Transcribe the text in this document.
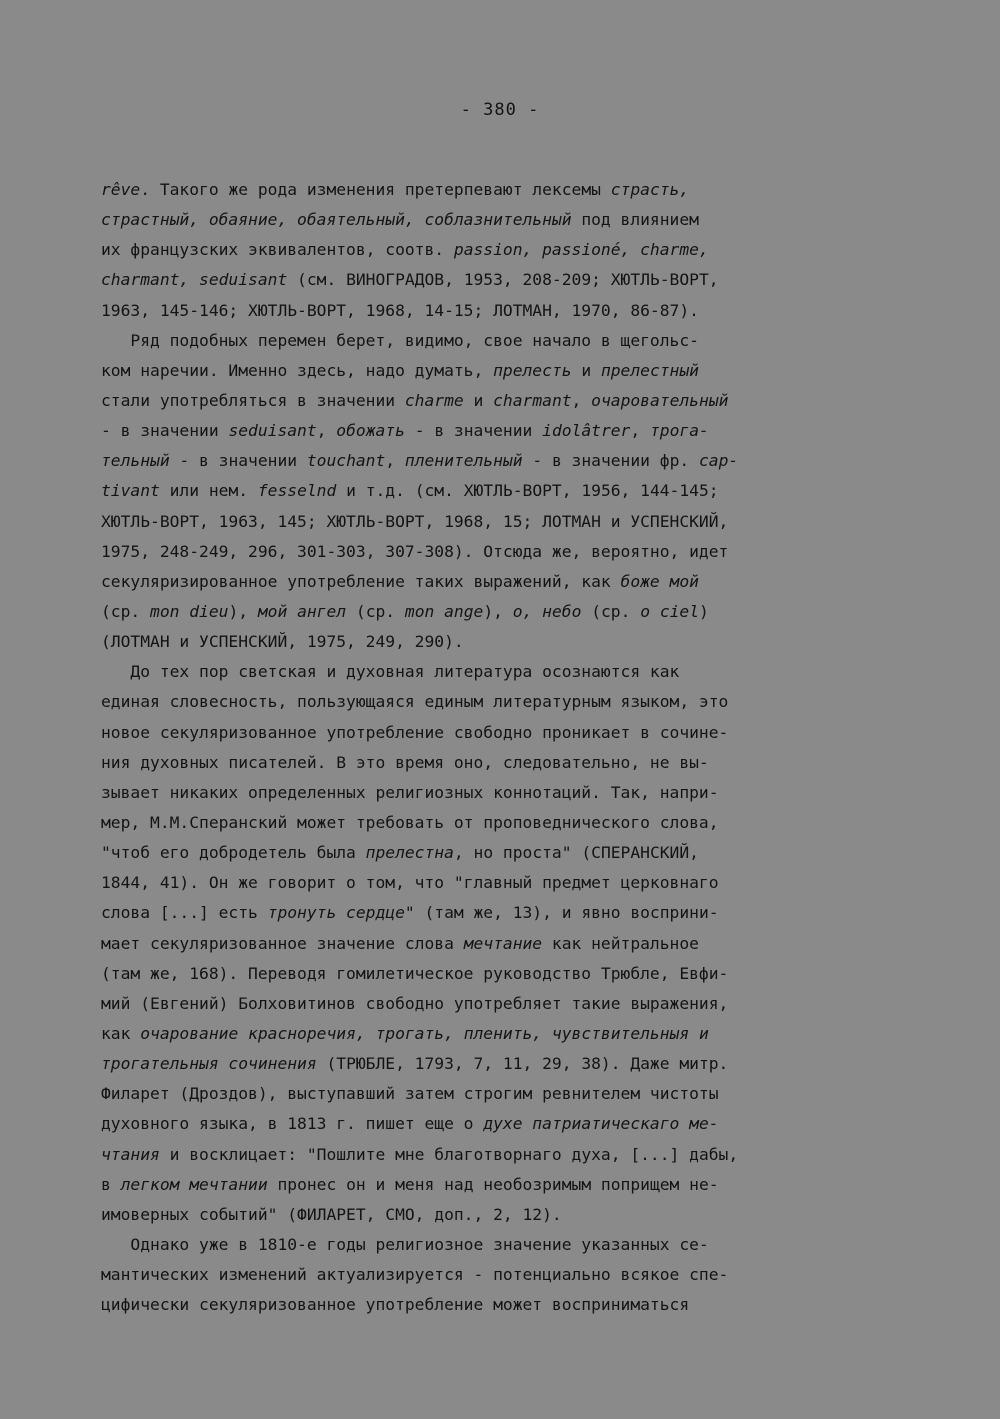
- 380 -
rêve. Такого же рода изменения претерпевают лексемы страсть,
страстный, обаяние, обаятельный, соблазнительный под влиянием
их французских эквивалентов, соотв. passion, passioné, charme,
charmant, seduisant (см. ВИНОГРАДОВ, 1953, 208-209; ХЮТЛЬ-ВОРТ,
1963, 145-146; ХЮТЛЬ-ВОРТ, 1968, 14-15; ЛОТМАН, 1970, 86-87).
Ряд подобных перемен берет, видимо, свое начало в щегольс-
ком наречии. Именно здесь, надо думать, прелесть и прелестный
стали употребляться в значении charme и charmant, очаровательный
- в значении seduisant, обожать - в значении idolâtrer, трога-
тельный - в значении touchant, пленительный - в значении фр. cap-
tivant или нем. fesselnd и т.д. (см. ХЮТЛЬ-ВОРТ, 1956, 144-145;
ХЮТЛЬ-ВОРТ, 1963, 145; ХЮТЛЬ-ВОРТ, 1968, 15; ЛОТМАН и УСПЕНСКИЙ,
1975, 248-249, 296, 301-303, 307-308). Отсюда же, вероятно, идет
секуляризированное употребление таких выражений, как боже мой
(ср. mon dieu), мой ангел (ср. mon ange), о, небо (ср. o ciel)
(ЛОТМАН и УСПЕНСКИЙ, 1975, 249, 290).
До тех пор светская и духовная литература осознаются как
единая словесность, пользующаяся единым литературным языком, это
новое секуляризованное употребление свободно проникает в сочине-
ния духовных писателей. В это время оно, следовательно, не вы-
зывает никаких определенных религиозных коннотаций. Так, напри-
мер, М.М.Сперанский может требовать от проповеднического слова,
"чтоб его добродетель была прелестна, но проста" (СПЕРАНСКИЙ,
1844, 41). Он же говорит о том, что "главный предмет церковнаго
слова [...] есть тронуть сердце" (там же, 13), и явно восприни-
мает секуляризованное значение слова мечтание как нейтральное
(там же, 168). Переводя гомилетическое руководство Трюбле, Евфи-
мий (Евгений) Болховитинов свободно употребляет такие выражения,
как очарование красноречия, трогать, пленить, чувствительныя и
трогательныя сочинения (ТРЮБЛЕ, 1793, 7, 11, 29, 38). Даже митр.
Филарет (Дроздов), выступавший затем строгим ревнителем чистоты
духовного языка, в 1813 г. пишет еще о духе патриатическаго ме-
чтания и восклицает: "Пошлите мне благотворнаго духа, [...] дабы,
в легком мечтании пронес он и меня над необозримым поприщем не-
имоверных событий" (ФИЛАРЕТ, СМО, доп., 2, 12).
Однако уже в 1810-е годы религиозное значение указанных се-
мантических изменений актуализируется - потенциально всякое спе-
цифически секуляризованное употребление может восприниматься
